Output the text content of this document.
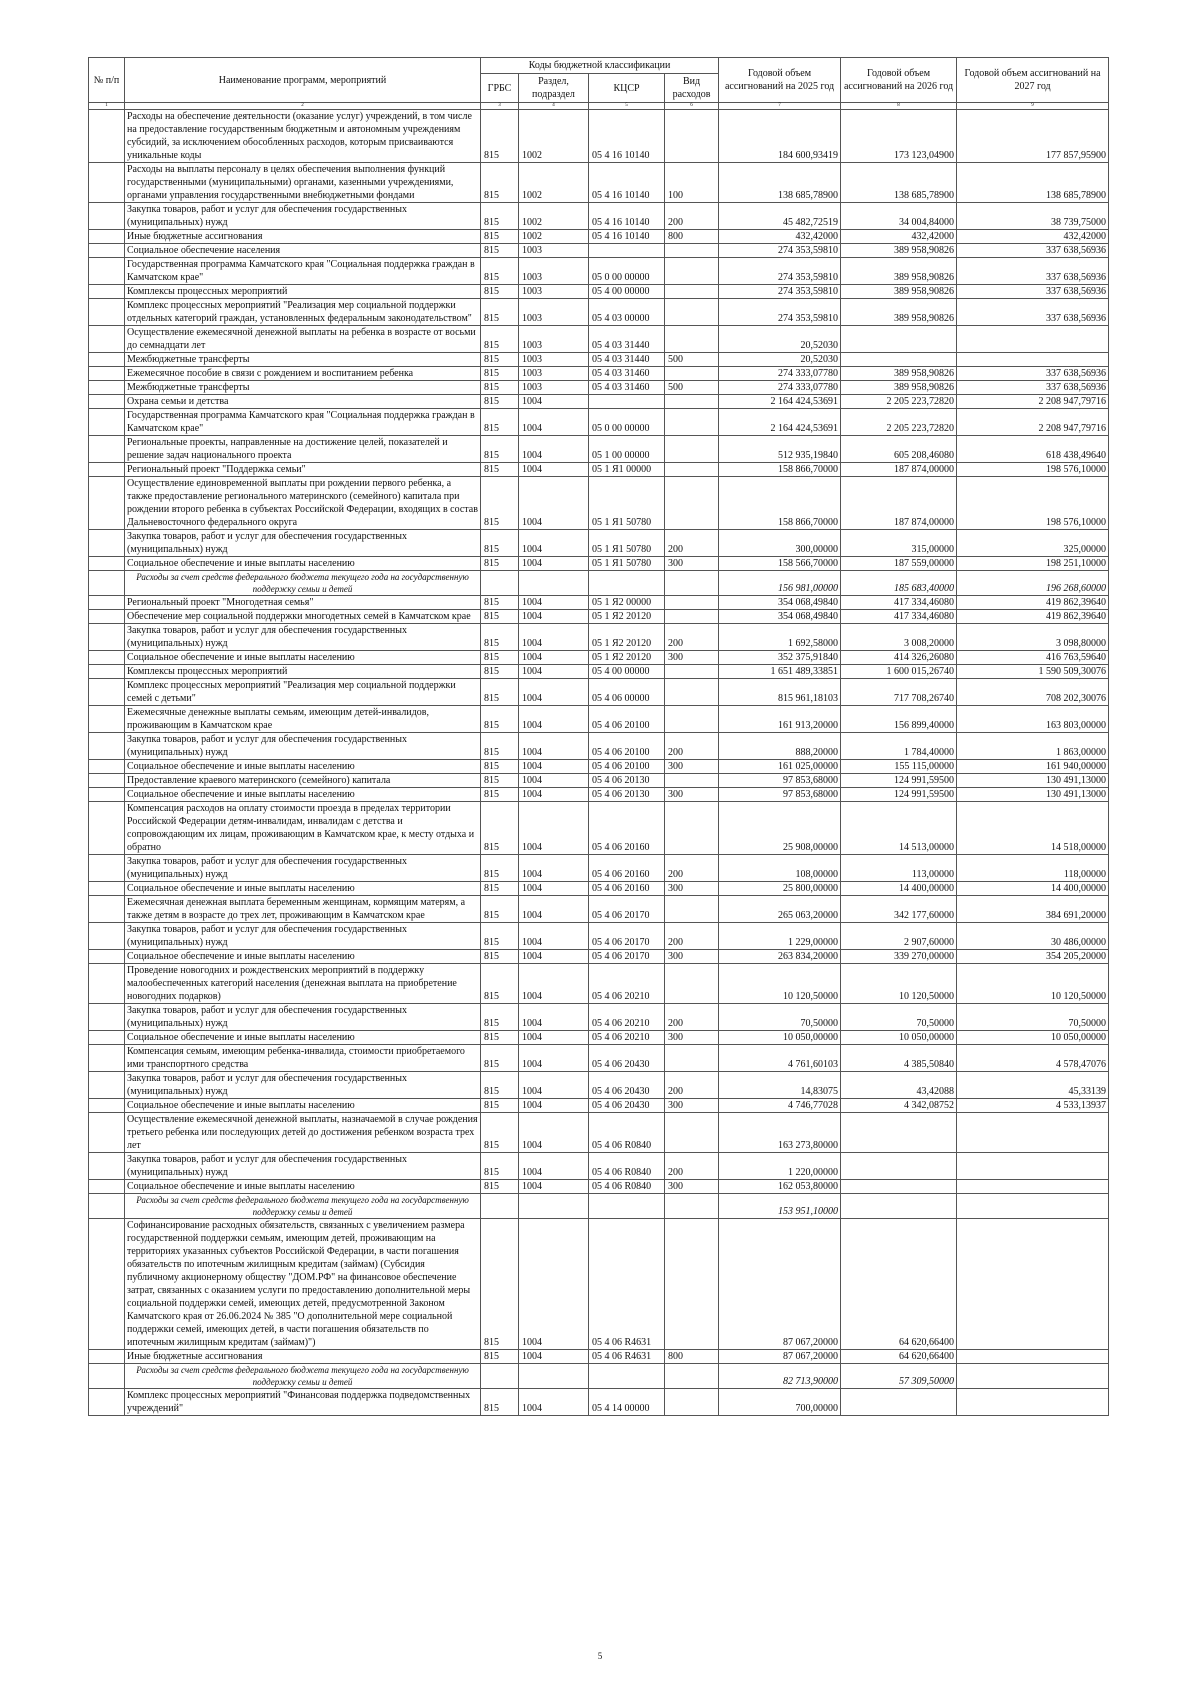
№ п/п	Наименование программ, мероприятий	Коды бюджетной классификации				Годовой объем ассигнований на 2025 год	Годовой объем ассигнований на 2026 год	Годовой объем ассигнований на 2027 год
		ГРБС	Раздел, подраздел	КЦСР	Вид расходов			
1	2	3	4	5	6	7	8	9
	Расходы на обеспечение деятельности (оказание услуг) учреждений, в том числе на предоставление государственным бюджетным и автономным учреждениям субсидий, за исключением обособленных расходов, которым присваиваются уникальные коды	815	1002	05 4 16 10140		184 600,93419	173 123,04900	177 857,95900
	Расходы на выплаты персоналу в целях обеспечения выполнения функций государственными (муниципальными) органами, казенными учреждениями, органами управления государственными внебюджетными фондами	815	1002	05 4 16 10140	100	138 685,78900	138 685,78900	138 685,78900
	Закупка товаров, работ и услуг для обеспечения государственных (муниципальных) нужд	815	1002	05 4 16 10140	200	45 482,72519	34 004,84000	38 739,75000
	Иные бюджетные ассигнования	815	1002	05 4 16 10140	800	432,42000	432,42000	432,42000
	Социальное обеспечение населения	815	1003			274 353,59810	389 958,90826	337 638,56936
	Государственная программа Камчатского края "Социальная поддержка граждан в Камчатском крае"	815	1003	05 0 00 00000		274 353,59810	389 958,90826	337 638,56936
	Комплексы процессных мероприятий	815	1003	05 4 00 00000		274 353,59810	389 958,90826	337 638,56936
	Комплекс процессных мероприятий "Реализация мер социальной поддержки отдельных категорий граждан, установленных федеральным законодательством"	815	1003	05 4 03 00000		274 353,59810	389 958,90826	337 638,56936
	Осуществление ежемесячной денежной выплаты на ребенка в возрасте от восьми до семнадцати лет	815	1003	05 4 03 31440		20,52030		
	Межбюджетные трансферты	815	1003	05 4 03 31440	500	20,52030		
	Ежемесячное пособие в связи с рождением и воспитанием ребенка	815	1003	05 4 03 31460		274 333,07780	389 958,90826	337 638,56936
	Межбюджетные трансферты	815	1003	05 4 03 31460	500	274 333,07780	389 958,90826	337 638,56936
	Охрана семьи и детства	815	1004			2 164 424,53691	2 205 223,72820	2 208 947,79716
	Государственная программа Камчатского края "Социальная поддержка граждан в Камчатском крае"	815	1004	05 0 00 00000		2 164 424,53691	2 205 223,72820	2 208 947,79716
	Региональные проекты, направленные на достижение целей, показателей и решение задач национального проекта	815	1004	05 1 00 00000		512 935,19840	605 208,46080	618 438,49640
	Региональный проект "Поддержка семьи"	815	1004	05 1 Я1 00000		158 866,70000	187 874,00000	198 576,10000
	Осуществление единовременной выплаты при рождении первого ребенка, а также предоставление регионального материнского (семейного) капитала при рождении второго ребенка в субъектах Российской Федерации, входящих в состав Дальневосточного федерального округа	815	1004	05 1 Я1 50780		158 866,70000	187 874,00000	198 576,10000
	Закупка товаров, работ и услуг для обеспечения государственных (муниципальных) нужд	815	1004	05 1 Я1 50780	200	300,00000	315,00000	325,00000
	Социальное обеспечение и иные выплаты населению	815	1004	05 1 Я1 50780	300	158 566,70000	187 559,00000	198 251,10000
	Расходы за счет средств федерального бюджета текущего года на государственную поддержку семьи и детей					156 981,00000	185 683,40000	196 268,60000
	Региональный проект "Многодетная семья"	815	1004	05 1 Я2 00000		354 068,49840	417 334,46080	419 862,39640
	Обеспечение мер социальной поддержки многодетных семей в Камчатском крае	815	1004	05 1 Я2 20120		354 068,49840	417 334,46080	419 862,39640
	Закупка товаров, работ и услуг для обеспечения государственных (муниципальных) нужд	815	1004	05 1 Я2 20120	200	1 692,58000	3 008,20000	3 098,80000
	Социальное обеспечение и иные выплаты населению	815	1004	05 1 Я2 20120	300	352 375,91840	414 326,26080	416 763,59640
	Комплексы процессных мероприятий	815	1004	05 4 00 00000		1 651 489,33851	1 600 015,26740	1 590 509,30076
	Комплекс процессных мероприятий "Реализация мер социальной поддержки семей с детьми"	815	1004	05 4 06 00000		815 961,18103	717 708,26740	708 202,30076
	Ежемесячные денежные выплаты семьям, имеющим детей-инвалидов, проживающим в Камчатском крае	815	1004	05 4 06 20100		161 913,20000	156 899,40000	163 803,00000
	Закупка товаров, работ и услуг для обеспечения государственных (муниципальных) нужд	815	1004	05 4 06 20100	200	888,20000	1 784,40000	1 863,00000
	Социальное обеспечение и иные выплаты населению	815	1004	05 4 06 20100	300	161 025,00000	155 115,00000	161 940,00000
	Предоставление краевого материнского (семейного) капитала	815	1004	05 4 06 20130		97 853,68000	124 991,59500	130 491,13000
	Социальное обеспечение и иные выплаты населению	815	1004	05 4 06 20130	300	97 853,68000	124 991,59500	130 491,13000
	Компенсация расходов на оплату стоимости проезда в пределах территории Российской Федерации детям-инвалидам, инвалидам с детства и сопровождающим их лицам, проживающим в Камчатском крае, к месту отдыха и обратно	815	1004	05 4 06 20160		25 908,00000	14 513,00000	14 518,00000
	Закупка товаров, работ и услуг для обеспечения государственных (муниципальных) нужд	815	1004	05 4 06 20160	200	108,00000	113,00000	118,00000
	Социальное обеспечение и иные выплаты населению	815	1004	05 4 06 20160	300	25 800,00000	14 400,00000	14 400,00000
	Ежемесячная денежная выплата беременным женщинам, кормящим матерям, а также детям в возрасте до трех лет, проживающим в Камчатском крае	815	1004	05 4 06 20170		265 063,20000	342 177,60000	384 691,20000
	Закупка товаров, работ и услуг для обеспечения государственных (муниципальных) нужд	815	1004	05 4 06 20170	200	1 229,00000	2 907,60000	30 486,00000
	Социальное обеспечение и иные выплаты населению	815	1004	05 4 06 20170	300	263 834,20000	339 270,00000	354 205,20000
	Проведение новогодних и рождественских мероприятий в поддержку малообеспеченных категорий населения (денежная выплата на приобретение новогодних подарков)	815	1004	05 4 06 20210		10 120,50000	10 120,50000	10 120,50000
	Закупка товаров, работ и услуг для обеспечения государственных (муниципальных) нужд	815	1004	05 4 06 20210	200	70,50000	70,50000	70,50000
	Социальное обеспечение и иные выплаты населению	815	1004	05 4 06 20210	300	10 050,00000	10 050,00000	10 050,00000
	Компенсация семьям, имеющим ребенка-инвалида, стоимости приобретаемого ими транспортного средства	815	1004	05 4 06 20430		4 761,60103	4 385,50840	4 578,47076
	Закупка товаров, работ и услуг для обеспечения государственных (муниципальных) нужд	815	1004	05 4 06 20430	200	14,83075	43,42088	45,33139
	Социальное обеспечение и иные выплаты населению	815	1004	05 4 06 20430	300	4 746,77028	4 342,08752	4 533,13937
	Осуществление ежемесячной денежной выплаты, назначаемой в случае рождения третьего ребенка или последующих детей до достижения ребенком возраста трех лет	815	1004	05 4 06 R0840		163 273,80000		
	Закупка товаров, работ и услуг для обеспечения государственных (муниципальных) нужд	815	1004	05 4 06 R0840	200	1 220,00000		
	Социальное обеспечение и иные выплаты населению	815	1004	05 4 06 R0840	300	162 053,80000		
	Расходы за счет средств федерального бюджета текущего года на государственную поддержку семьи и детей					153 951,10000		
	Софинансирование расходных обязательств, связанных с увеличением размера государственной поддержки семьям, имеющим детей, проживающим на территориях указанных субъектов Российской Федерации, в части погашения обязательств по ипотечным жилищным кредитам (займам) (Субсидия публичному акционерному обществу "ДОМ.РФ" на финансовое обеспечение затрат, связанных с оказанием услуги по предоставлению дополнительной меры социальной поддержки семей, имеющих детей, предусмотренной Законом Камчатского края от 26.06.2024 № 385 "О дополнительной мере социальной поддержки семей, имеющих детей, в части погашения обязательств по ипотечным жилищным кредитам (займам)")	815	1004	05 4 06 R4631		87 067,20000	64 620,66400	
	Иные бюджетные ассигнования	815	1004	05 4 06 R4631	800	87 067,20000	64 620,66400	
	Расходы за счет средств федерального бюджета текущего года на государственную поддержку семьи и детей					82 713,90000	57 309,50000	
	Комплекс процессных мероприятий "Финансовая поддержка подведомственных учреждений"	815	1004	05 4 14 00000		700,00000		
5
